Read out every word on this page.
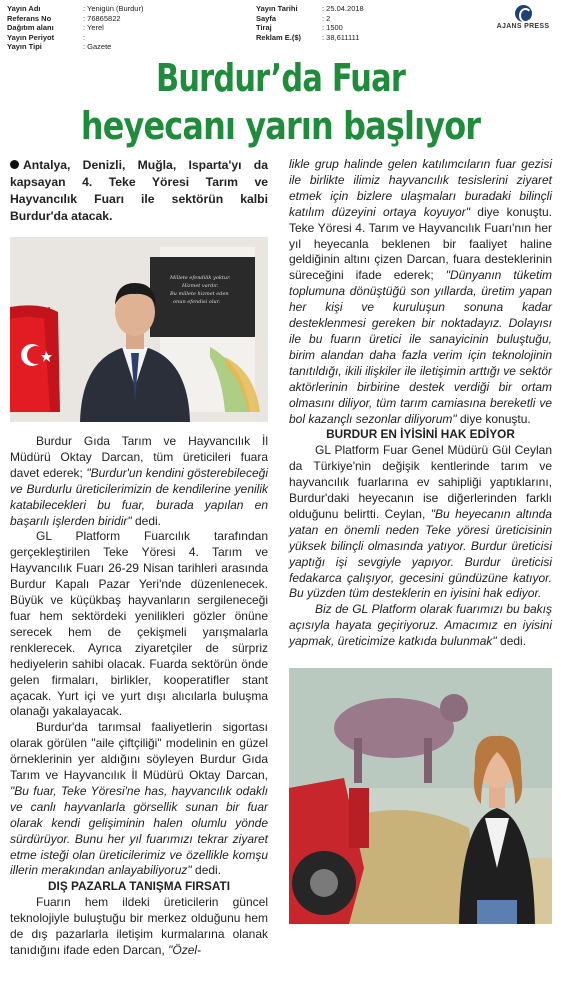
Yayın Adı	: Yenigün (Burdur)
Referans No	: 76865822
Dağıtım alanı	: Yerel
Yayın Periyot	:
Yayın Tipi	: Gazete
Yayın Tarihi	: 25.04.2018
Sayfa	: 2
Tiraj	: 1500
Reklam E.($)	: 38,611111
AJANS PRESS
Burdur’da Fuar
heyecanı yarın başlıyor

Antalya, Denizli, Muğla, Isparta'yı da kapsayan 4. Teke Yöresi Tarım ve Hayvancılık Fuarı ile sektörün kalbi Burdur'da atacak.

Millete efendilik yoktur.
Hizmet vardır.
Bu millete hizmet eden
onun efendisi olur.

Burdur Gıda Tarım ve Hayvancılık İl Müdürü Oktay Darcan, tüm üreticileri fuara davet ederek; "Burdur'un kendini gösterebileceği ve Burdurlu üreticilerimizin de kendilerine yenilik katabilecekleri bu fuar, burada yapılan en başarılı işlerden biridir" dedi.

GL Platform Fuarcılık tarafından gerçekleştirilen Teke Yöresi 4. Tarım ve Hayvancılık Fuarı 26-29 Nisan tarihleri arasında Burdur Kapalı Pazar Yeri'nde düzenlenecek. Büyük ve küçükbaş hayvanların sergileneceği fuar hem sektördeki yenilikleri gözler önüne serecek hem de çekişmeli yarışmalarla renklerecek. Ayrıca ziyaretçiler de sürpriz hediyelerin sahibi olacak. Fuarda sektörün önde gelen firmaları, birlikler, kooperatifler stant açacak. Yurt içi ve yurt dışı alıcılarla buluşma olanağı yakalayacak.

Burdur'da tarımsal faaliyetlerin sigortası olarak görülen "aile çiftçiliği" modelinin en güzel örneklerinin yer aldığını söyleyen Burdur Gıda Tarım ve Hayvancılık İl Müdürü Oktay Darcan, "Bu fuar, Teke Yöresi'ne has, hayvancılık odaklı ve canlı hayvanlarla görsellik sunan bir fuar olarak kendi gelişiminin halen olumlu yönde sürdürüyor. Bunu her yıl fuarımızı tekrar ziyaret etme isteği olan üreticilerimiz ve özellikle komşu illerin merakından anlayabiliyoruz" dedi.

DIŞ PAZARLA TANIŞMA FIRSATI

Fuarın hem ildeki üreticilerin güncel teknolojiyle buluştuğu bir merkez olduğunu hem de dış pazarlarla iletişim kurmalarına olanak tanıdığını ifade eden Darcan, "Özel-

likle grup halinde gelen katılımcıların fuar gezisi ile birlikte ilimiz hayvancılık tesislerini ziyaret etmek için bizlere ulaşmaları buradaki bilinçli katılım düzeyini ortaya koyuyor" diye konuştu. Teke Yöresi 4. Tarım ve Hayvancılık Fuarı'nın her yıl heyecanla beklenen bir faaliyet haline geldiğinin altını çizen Darcan, fuara desteklerinin süreceğini ifade ederek; "Dünyanın tüketim toplumuna dönüştüğü son yıllarda, üretim yapan her kişi ve kuruluşun sonuna kadar desteklenmesi gereken bir noktadayız. Dolayısı ile bu fuarın üretici ile sanayicinin buluştuğu, birim alandan daha fazla verim için teknolojinin tanıtıldığı, ikili ilişkiler ile iletişimin arttığı ve sektör aktörlerinin birbirine destek verdiği bir ortam olmasını diliyor, tüm tarım camiasına bereketli ve bol kazançlı sezonlar diliyorum" diye konuştu.

BURDUR EN İYİSİNİ HAK EDİYOR

GL Platform Fuar Genel Müdürü Gül Ceylan da Türkiye'nin değişik kentlerinde tarım ve hayvancılık fuarlarına ev sahipliği yaptıklarını, Burdur'daki heyecanın ise diğerlerinden farklı olduğunu belirtti. Ceylan, "Bu heyecanın altında yatan en önemli neden Teke yöresi üreticisinin yüksek bilinçli olmasında yatıyor. Burdur üreticisi yaptığı işi sevgiyle yapıyor. Burdur üreticisi fedakarca çalışıyor, gecesini gündüzüne katıyor. Bu yüzden tüm desteklerin en iyisini hak ediyor.

Biz de GL Platform olarak fuarımızı bu bakış açısıyla hayata geçiriyoruz. Amacımız en iyisini yapmak, üreticimize katkıda bulunmak" dedi.
